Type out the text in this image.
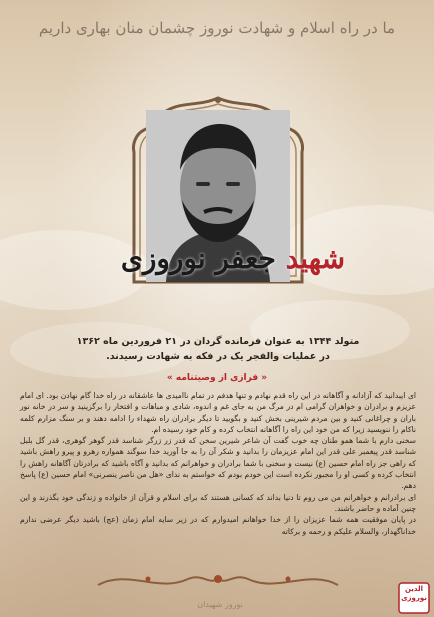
ما در راه اسلام و شهادت نوروز چشمان منان بهاری داریم
شهید جعفر نوروزی
متولد ۱۳۴۴ به عنوان فرمانده گردان در ۲۱ فروردین ماه ۱۳۶۲
در عملیات والفجر یک در فکه به شهادت رسیدند.
« فرازی از وصیتنامه »

ای ایبدانید که آزادانه و آگاهانه در این راه قدم نهادم و تنها هدفم در تمام ناامیدی ها عاشقانه در راه خدا گام نهادن بود. ای امام عزیزم و برادران و خواهران گرامی ام در مرگ من به جای غم و اندوه، شادی و مباهات و افتخار را برگزینید و سر در خانه نور باران و چراغانی کنید و بین مردم شیرینی بخش کنید و بگویید تا دیگر برادران راه شهداء را ادامه دهند و بر سنگ مزارم کلمه ناکام را ننویسید زیرا که من خود این راه را آگاهانه انتخاب کرده و کام خود رسیده ام.

سخنی دارم با شما همو طنان چه خوب گفت آن شاعر شیرین سخن که قدر زر زرگر شناسد قدر گوهر گوهری، قدر گل بلبل شناسد قدر پیغمبر علی قدر این امام عزیزمان را بدانید و شکر آن را به جا آورید خدا سوگند همواره رهرو و پیرو راهش باشید که راهی جز راه امام حسین (ع) نیست و سخنی با شما برادران و خواهرانم که بدانید و آگاه باشید که برادرتان آگاهانه راهش را انتخاب کرده و کسی او را مجبور نکرده است این خودم بودم که خواستم به ندای «هل من ناصر ینصرنی» امام حسین (ع) پاسخ دهم.

ای برادرانم و خواهرانم من می روم تا دنیا بداند که کسانی هستند که برای اسلام و قرآن از خانواده و زندگی خود بگذرند و این چنین آماده و حاضر باشند.

در پایان موفقیت همه شما عزیزان را از خدا خواهانم امیدوارم که در زیر سایه امام زمان (عج) باشید دیگر عرضی ندارم خداناگهدار، والسلام علیکم و رحمه و برکاته

نوروز شهیدان
الدین نوروزی
